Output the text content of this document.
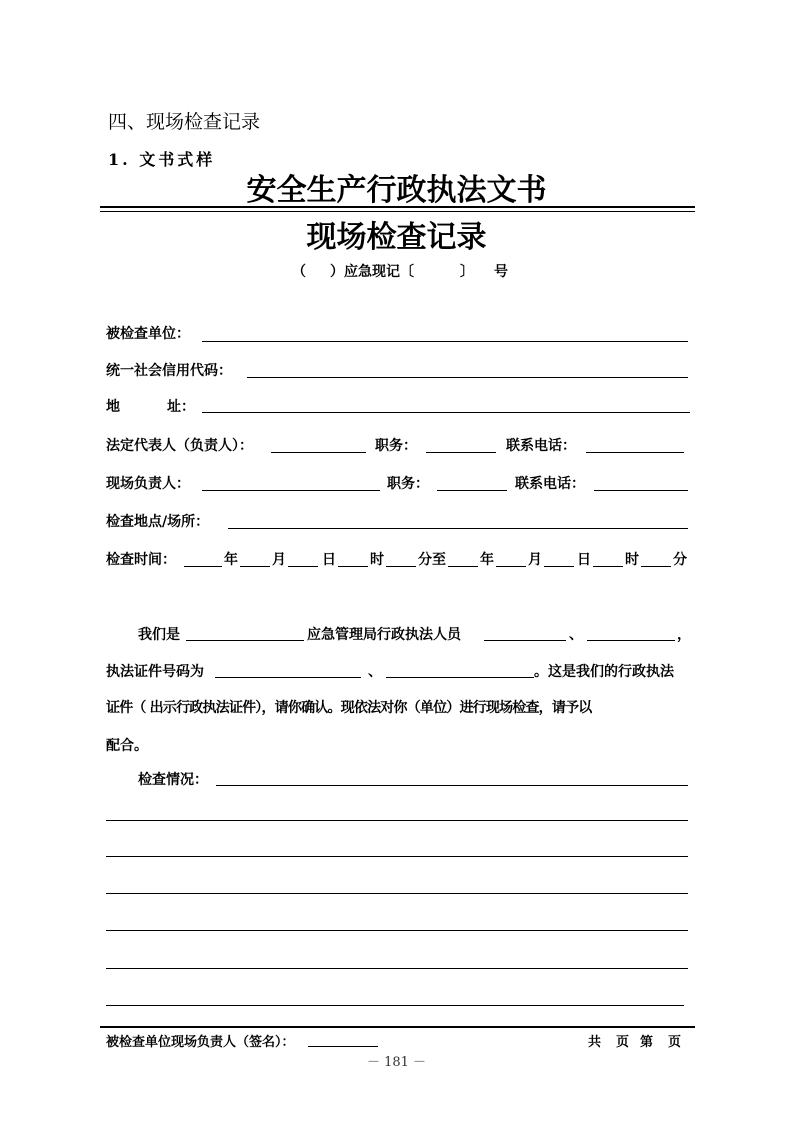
四、现场检查记录
1. 文书式样
安全生产行政执法文书
现场检查记录
（ ）应急现记〔	〕 号
被检查单位：
统一社会信用代码：
地	址：
法定代表人（负责人）：	职务：	联系电话：
现场负责人：	职务：	联系电话：
检查地点/场所：
检查时间：	年 月	日 时 分至 年 月	日 时 分
我们是	应急管理局行政执法人员	、	，
执法证件号码为	、	。这是我们的行政执法
证件（ 出示行政执法证件），请你确认。现依法对你（单位）进行现场检查，请予以
配合。
检查情况：
被检查单位现场负责人（签名）：	共 页 第 页
－ 181 －
